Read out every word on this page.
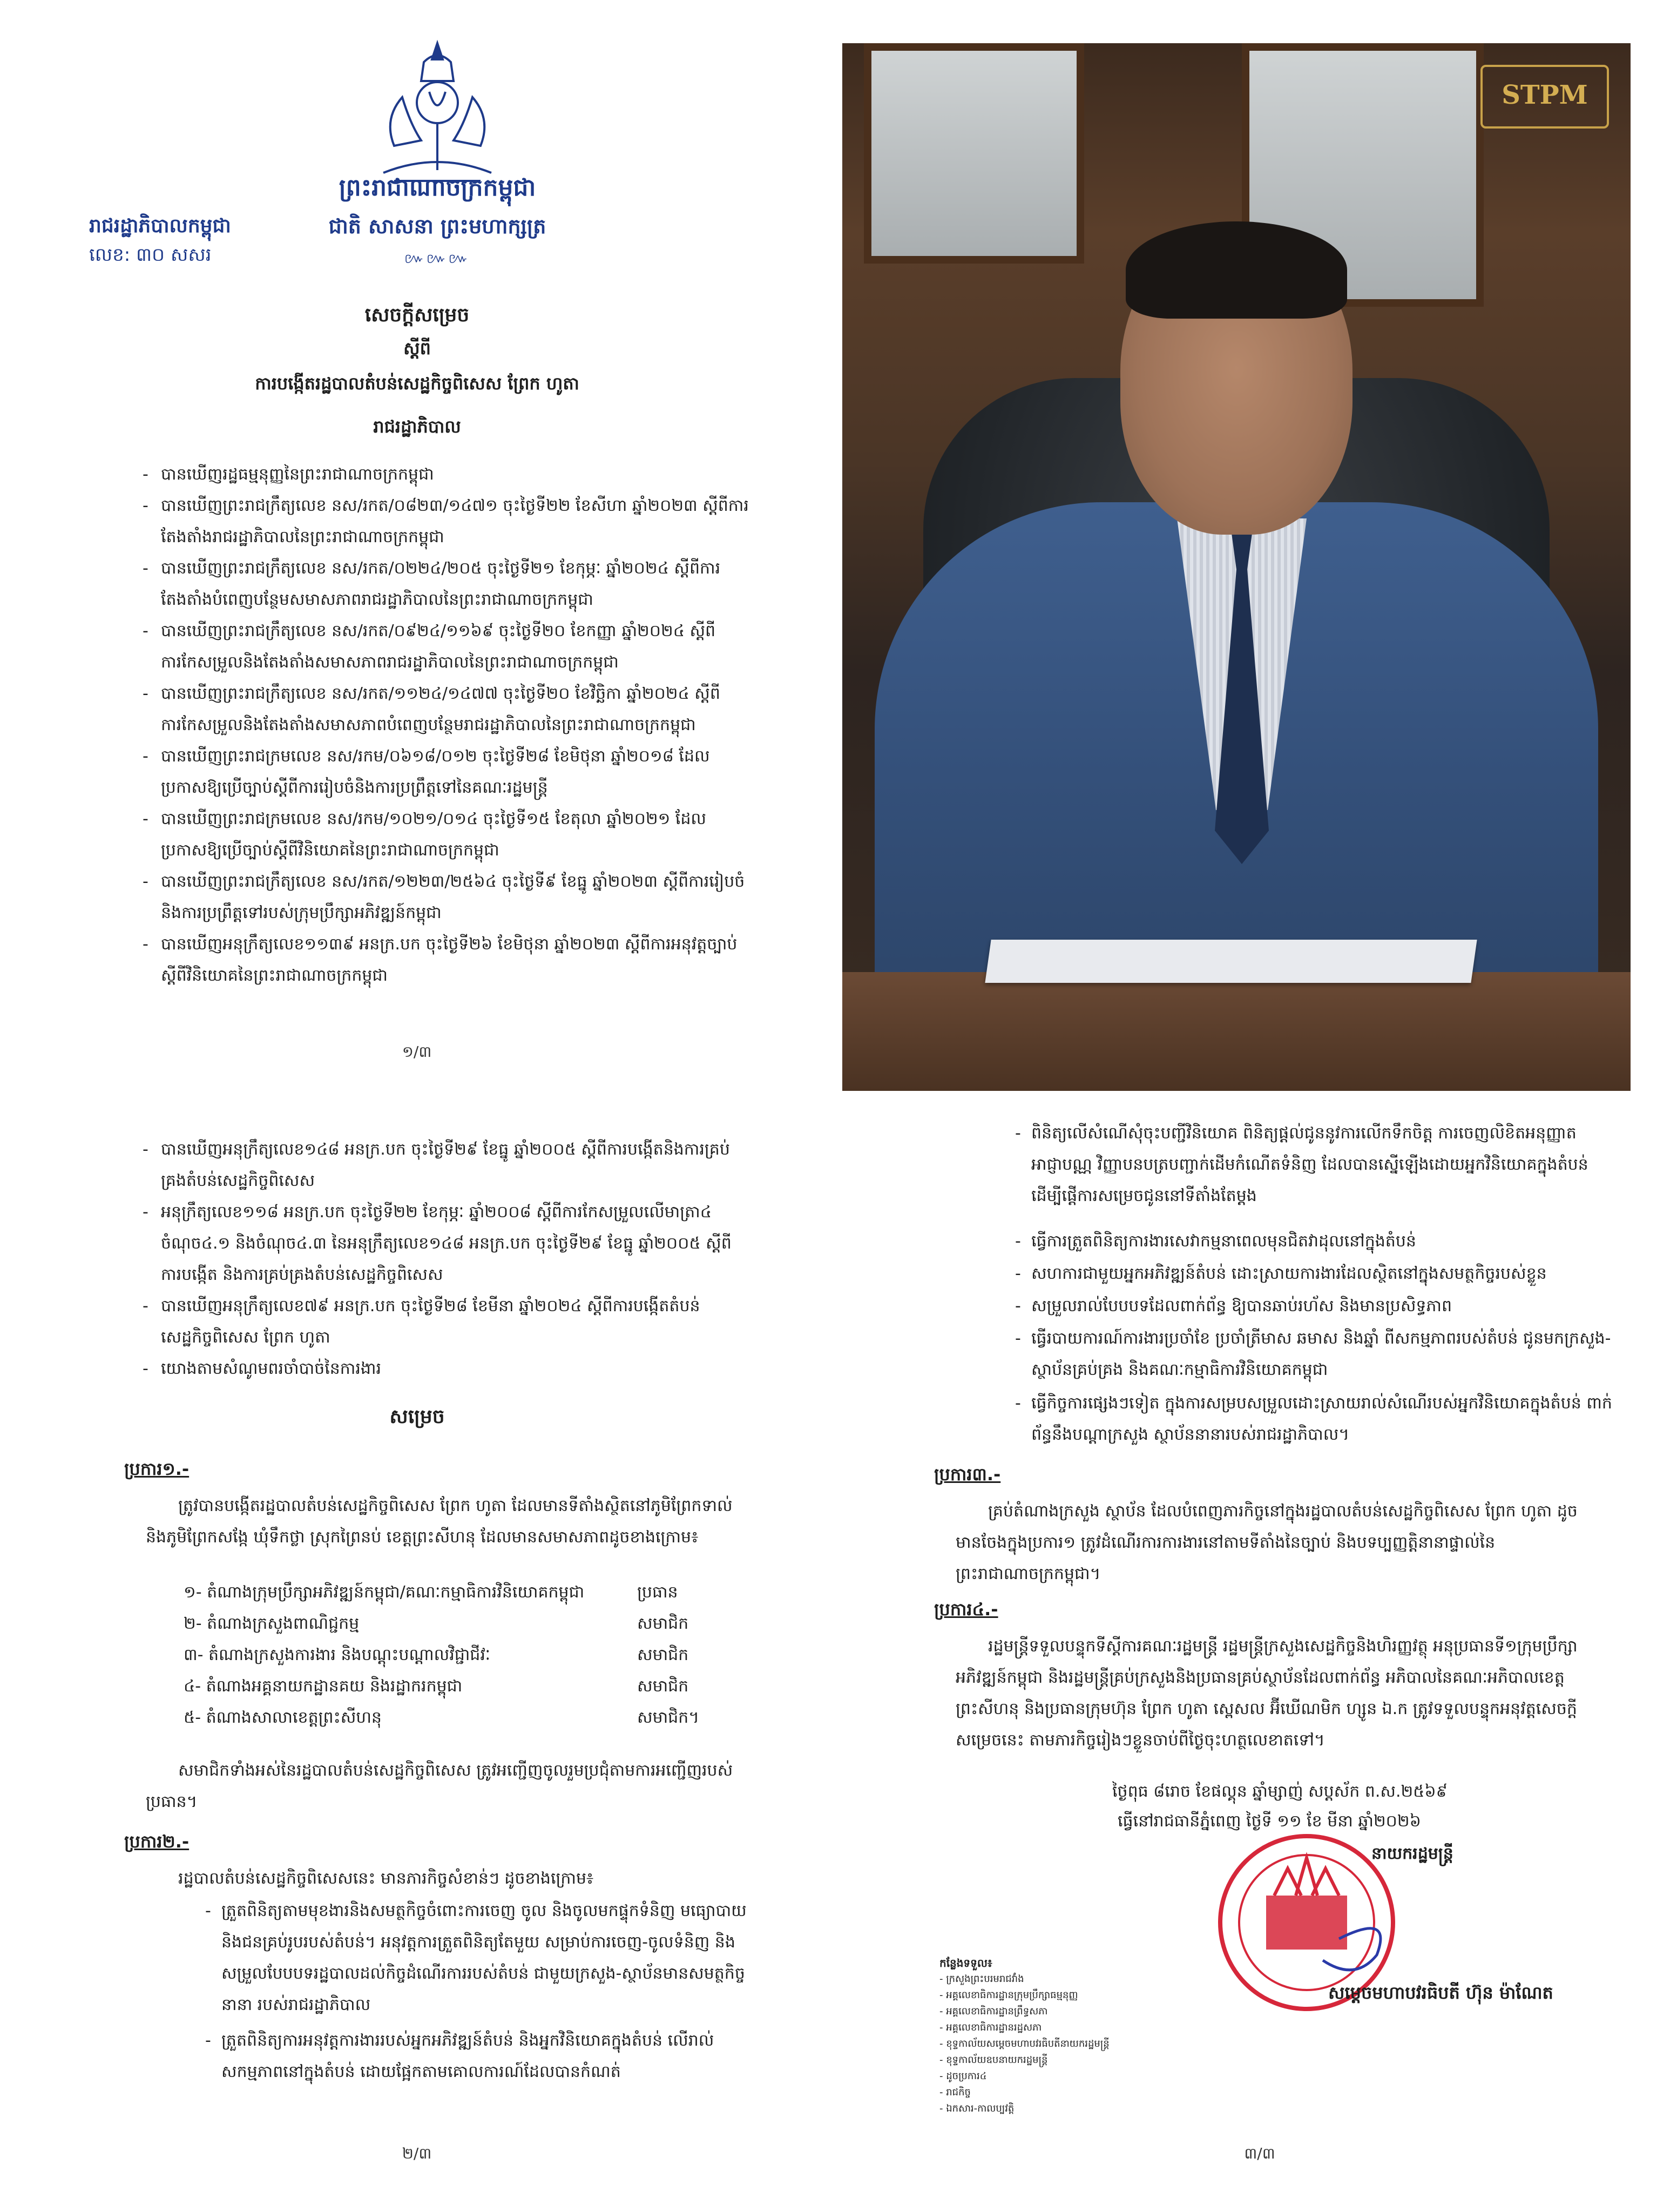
ព្រះរាជាណាចក្រកម្ពុជា
ជាតិ សាសនា ព្រះមហាក្សត្រ
៚៚៚
រាជរដ្ឋាភិបាលកម្ពុជា
លេខ: ៣០ សសរ
សេចក្តីសម្រេច
ស្តីពី
ការបង្កើតរដ្ឋបាលតំបន់សេដ្ឋកិច្ចពិសេស ព្រែក ហូតា
រាជរដ្ឋាភិបាល
- បានឃើញរដ្ឋធម្មនុញ្ញនៃព្រះរាជាណាចក្រកម្ពុជា
- បានឃើញព្រះរាជក្រឹត្យលេខ នស/រកត/០៨២៣/១៤៧១ ចុះថ្ងៃទី២២ ខែសីហា ឆ្នាំ២០២៣ ស្តីពីការតែងតាំងរាជរដ្ឋាភិបាលនៃព្រះរាជាណាចក្រកម្ពុជា
- បានឃើញព្រះរាជក្រឹត្យលេខ នស/រកត/០២២៤/២០៥ ចុះថ្ងៃទី២១ ខែកុម្ភៈ ឆ្នាំ២០២៤ ស្តីពីការតែងតាំងបំពេញបន្ថែមសមាសភាពរាជរដ្ឋាភិបាលនៃព្រះរាជាណាចក្រកម្ពុជា
- បានឃើញព្រះរាជក្រឹត្យលេខ នស/រកត/០៩២៤/១១៦៩ ចុះថ្ងៃទី២០ ខែកញ្ញា ឆ្នាំ២០២៤ ស្តីពីការកែសម្រួលនិងតែងតាំងសមាសភាពរាជរដ្ឋាភិបាលនៃព្រះរាជាណាចក្រកម្ពុជា
- បានឃើញព្រះរាជក្រឹត្យលេខ នស/រកត/១១២៤/១៤៧៧ ចុះថ្ងៃទី២០ ខែវិច្ឆិកា ឆ្នាំ២០២៤ ស្តីពីការកែសម្រួលនិងតែងតាំងសមាសភាពបំពេញបន្ថែមរាជរដ្ឋាភិបាលនៃព្រះរាជាណាចក្រកម្ពុជា
- បានឃើញព្រះរាជក្រមលេខ នស/រកម/០៦១៨/០១២ ចុះថ្ងៃទី២៨ ខែមិថុនា ឆ្នាំ២០១៨ ដែលប្រកាសឱ្យប្រើច្បាប់ស្តីពីការរៀបចំនិងការប្រព្រឹត្តទៅនៃគណៈរដ្ឋមន្ត្រី
- បានឃើញព្រះរាជក្រមលេខ នស/រកម/១០២១/០១៤ ចុះថ្ងៃទី១៥ ខែតុលា ឆ្នាំ២០២១ ដែលប្រកាសឱ្យប្រើច្បាប់ស្តីពីវិនិយោគនៃព្រះរាជាណាចក្រកម្ពុជា
- បានឃើញព្រះរាជក្រឹត្យលេខ នស/រកត/១២២៣/២៥៦៤ ចុះថ្ងៃទី៩ ខែធ្នូ ឆ្នាំ២០២៣ ស្តីពីការរៀបចំនិងការប្រព្រឹត្តទៅរបស់ក្រុមប្រឹក្សាអភិវឌ្ឍន៍កម្ពុជា
- បានឃើញអនុក្រឹត្យលេខ១១៣៩ អនក្រ.បក ចុះថ្ងៃទី២៦ ខែមិថុនា ឆ្នាំ២០២៣ ស្តីពីការអនុវត្តច្បាប់ស្តីពីវិនិយោគនៃព្រះរាជាណាចក្រកម្ពុជា
១/៣
STPM
- បានឃើញអនុក្រឹត្យលេខ១៤៨ អនក្រ.បក ចុះថ្ងៃទី២៩ ខែធ្នូ ឆ្នាំ២០០៥ ស្តីពីការបង្កើតនិងការគ្រប់គ្រងតំបន់សេដ្ឋកិច្ចពិសេស
- អនុក្រឹត្យលេខ១១៨ អនក្រ.បក ចុះថ្ងៃទី២២ ខែកុម្ភៈ ឆ្នាំ២០០៨ ស្តីពីការកែសម្រួលលើមាត្រា៤ ចំណុច៤.១ និងចំណុច៤.៣ នៃអនុក្រឹត្យលេខ១៤៨ អនក្រ.បក ចុះថ្ងៃទី២៩ ខែធ្នូ ឆ្នាំ២០០៥ ស្តីពីការបង្កើត និងការគ្រប់គ្រងតំបន់សេដ្ឋកិច្ចពិសេស
- បានឃើញអនុក្រឹត្យលេខ៧៩ អនក្រ.បក ចុះថ្ងៃទី២៨ ខែមីនា ឆ្នាំ២០២៤ ស្តីពីការបង្កើតតំបន់សេដ្ឋកិច្ចពិសេស ព្រែក ហូតា
- យោងតាមសំណូមពរចាំបាច់នៃការងារ
សម្រេច
ប្រការ១.-
ត្រូវបានបង្កើតរដ្ឋបាលតំបន់សេដ្ឋកិច្ចពិសេស ព្រែក ហូតា ដែលមានទីតាំងស្ថិតនៅភូមិព្រែកទាល់ និងភូមិព្រែកសង្កែ ឃុំទឹកថ្លា ស្រុកព្រៃនប់ ខេត្តព្រះសីហនុ ដែលមានសមាសភាពដូចខាងក្រោម៖
១- តំណាងក្រុមប្រឹក្សាអភិវឌ្ឍន៍កម្ពុជា/គណៈកម្មាធិការវិនិយោគកម្ពុជា	ប្រធាន
២- តំណាងក្រសួងពាណិជ្ជកម្ម	សមាជិក
៣- តំណាងក្រសួងការងារ និងបណ្តុះបណ្តាលវិជ្ជាជីវៈ	សមាជិក
៤- តំណាងអគ្គនាយកដ្ឋានគយ និងរដ្ឋាករកម្ពុជា	សមាជិក
៥- តំណាងសាលាខេត្តព្រះសីហនុ	សមាជិក។
សមាជិកទាំងអស់នៃរដ្ឋបាលតំបន់សេដ្ឋកិច្ចពិសេស ត្រូវអញ្ជើញចូលរួមប្រជុំតាមការអញ្ជើញរបស់ប្រធាន។
ប្រការ២.-
រដ្ឋបាលតំបន់សេដ្ឋកិច្ចពិសេសនេះ មានភារកិច្ចសំខាន់ៗ ដូចខាងក្រោម៖
- ត្រួតពិនិត្យតាមមុខងារនិងសមត្ថកិច្ចចំពោះការចេញ ចូល និងចូលមកផ្ទុកទំនិញ មធ្យោបាយ និងជនគ្រប់រូបរបស់តំបន់។ អនុវត្តការត្រួតពិនិត្យតែមួយ សម្រាប់ការចេញ-ចូលទំនិញ និងសម្រួលបែបបទរដ្ឋបាលដល់កិច្ចដំណើរការរបស់តំបន់ ជាមួយក្រសួង-ស្ថាប័នមានសមត្ថកិច្ចនានា របស់រាជរដ្ឋាភិបាល
- ត្រួតពិនិត្យការអនុវត្តការងាររបស់អ្នកអភិវឌ្ឍន៍តំបន់ និងអ្នកវិនិយោគក្នុងតំបន់ លើរាល់សកម្មភាពនៅក្នុងតំបន់ ដោយផ្អែកតាមគោលការណ៍ដែលបានកំណត់
២/៣
- ពិនិត្យលើសំណើសុំចុះបញ្ជីវិនិយោគ ពិនិត្យផ្តល់ជូននូវការលើកទឹកចិត្ត ការចេញលិខិតអនុញ្ញាត អាជ្ញាបណ្ណ វិញ្ញាបនបត្របញ្ជាក់ដើមកំណើតទំនិញ ដែលបានស្នើឡើងដោយអ្នកវិនិយោគក្នុងតំបន់ ដើម្បីផ្តើការសម្រេចជូននៅទីតាំងតែម្តង
- ធ្វើការត្រួតពិនិត្យការងារសេវាកម្មនាពេលមុនជិតវាដុលនៅក្នុងតំបន់
- សហការជាមួយអ្នកអភិវឌ្ឍន៍តំបន់ ដោះស្រាយការងារដែលស្ថិតនៅក្នុងសមត្ថកិច្ចរបស់ខ្លួន
- សម្រួលរាល់បែបបទដែលពាក់ព័ន្ធ ឱ្យបានឆាប់រហ័ស និងមានប្រសិទ្ធភាព
- ធ្វើរបាយការណ៍ការងារប្រចាំខែ ប្រចាំត្រីមាស ឆមាស និងឆ្នាំ ពីសកម្មភាពរបស់តំបន់ ជូនមកក្រសួង-ស្ថាប័នគ្រប់គ្រង និងគណៈកម្មាធិការវិនិយោគកម្ពុជា
- ធ្វើកិច្ចការផ្សេងៗទៀត ក្នុងការសម្របសម្រួលដោះស្រាយរាល់សំណើរបស់អ្នកវិនិយោគក្នុងតំបន់ ពាក់ព័ន្ធនឹងបណ្តាក្រសួង ស្ថាប័ននានារបស់រាជរដ្ឋាភិបាល។
ប្រការ៣.-
គ្រប់តំណាងក្រសួង ស្ថាប័ន ដែលបំពេញភារកិច្ចនៅក្នុងរដ្ឋបាលតំបន់សេដ្ឋកិច្ចពិសេស ព្រែក ហូតា ដូចមានចែងក្នុងប្រការ១ ត្រូវដំណើរការការងារនៅតាមទីតាំងនៃច្បាប់ និងបទប្បញ្ញត្តិនានាផ្ទាល់នៃព្រះរាជាណាចក្រកម្ពុជា។
ប្រការ៤.-
រដ្ឋមន្ត្រីទទួលបន្ទុកទីស្តីការគណៈរដ្ឋមន្ត្រី រដ្ឋមន្ត្រីក្រសួងសេដ្ឋកិច្ចនិងហិរញ្ញវត្ថុ អនុប្រធានទី១ក្រុមប្រឹក្សាអភិវឌ្ឍន៍កម្ពុជា និងរដ្ឋមន្ត្រីគ្រប់ក្រសួងនិងប្រធានគ្រប់ស្ថាប័នដែលពាក់ព័ន្ធ អភិបាលនៃគណៈអភិបាលខេត្តព្រះសីហនុ និងប្រធានក្រុមហ៊ុន ព្រែក ហូតា ស្ពេសល អ៊ីឃើណមិក ហ្សូន ឯ.ក ត្រូវទទួលបន្ទុកអនុវត្តសេចក្តីសម្រេចនេះ តាមភារកិច្ចរៀងៗខ្លួនចាប់ពីថ្ងៃចុះហត្ថលេខាតទៅ។
ថ្ងៃពុធ ៨រោច ខែផល្គុន ឆ្នាំម្សាញ់ សប្តស័ក ព.ស.២៥៦៩
ធ្វើនៅរាជធានីភ្នំពេញ ថ្ងៃទី ១១ ខែ មីនា ឆ្នាំ២០២៦
នាយករដ្ឋមន្ត្រី
សម្តេចមហាបវរធិបតី ហ៊ុន ម៉ាណែត
កន្លែងទទួល៖
- ក្រសួងព្រះបរមរាជវាំង
- អគ្គលេខាធិការដ្ឋានក្រុមប្រឹក្សាធម្មនុញ្ញ
- អគ្គលេខាធិការដ្ឋានព្រឹទ្ធសភា
- អគ្គលេខាធិការដ្ឋានរដ្ឋសភា
- ខុទ្ទកាល័យសម្តេចមហាបវរធិបតីនាយករដ្ឋមន្ត្រី
- ខុទ្ទកាល័យឧបនាយករដ្ឋមន្ត្រី
- ដូចប្រការ៤
- រាជកិច្ច
- ឯកសារ-កាលប្បវត្តិ
៣/៣
